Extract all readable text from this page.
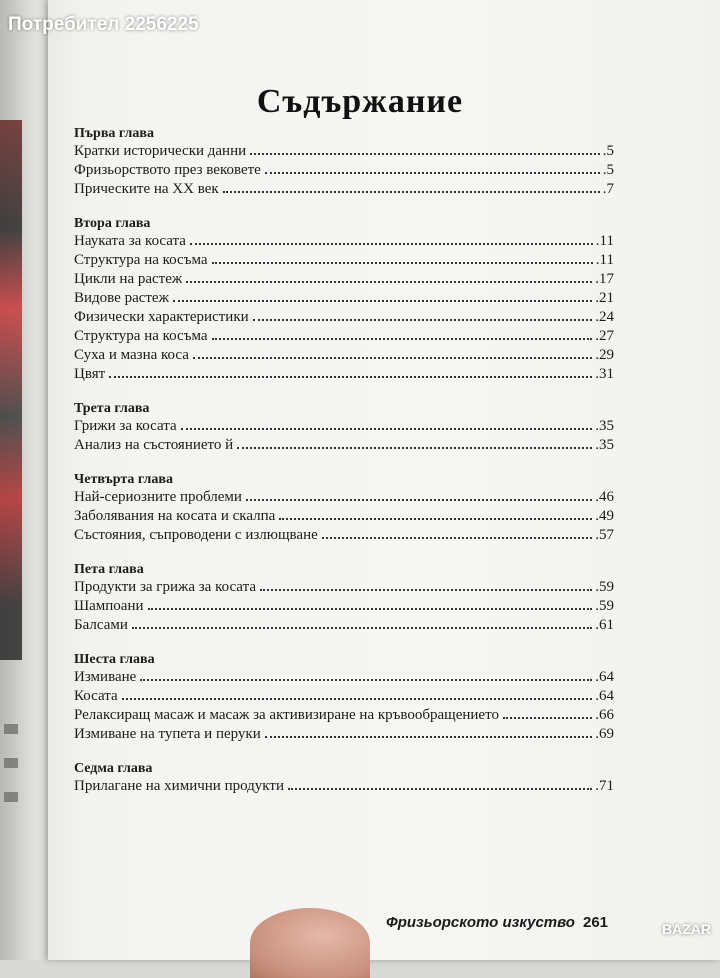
Потребител 2256225
Съдържание
Първа глава
Кратки исторически данни	.5
Фризьорството през вековете	.5
Прическите на XX век	.7
Втора глава
Науката за косата	.11
Структура на косъма	.11
Цикли на растеж	.17
Видове растеж	.21
Физически характеристики	.24
Структура на косъма	.27
Суха и мазна коса	.29
Цвят	.31
Трета глава
Грижи за косата	.35
Анализ на състоянието й	.35
Четвърта глава
Най-сериозните проблеми	.46
Заболявания на косата и скалпа	.49
Състояния, съпроводени с излющване	.57
Пета глава
Продукти за грижа за косата	.59
Шампоани	.59
Балсами	.61
Шеста глава
Измиване	.64
Косата	.64
Релаксиращ масаж и масаж за активизиране на кръвообращението	.66
Измиване на тупета и перуки	.69
Седма глава
Прилагане на химични продукти	.71
Фризьорското изкуство 261	BAZAR
